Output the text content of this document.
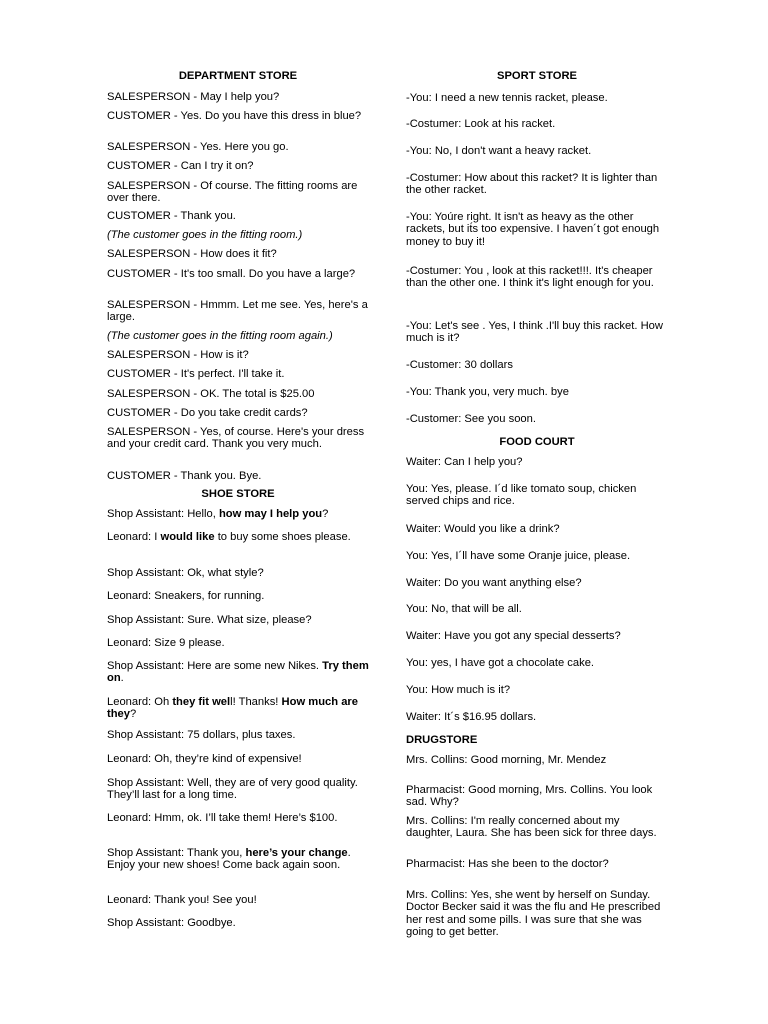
DEPARTMENT STORE

SALESPERSON - May I help you?

CUSTOMER - Yes. Do you have this dress in blue?

SALESPERSON - Yes. Here you go.

CUSTOMER - Can I try it on?

SALESPERSON - Of course. The fitting rooms are over there.

CUSTOMER - Thank you.

(The customer goes in the fitting room.)

SALESPERSON - How does it fit?

CUSTOMER - It's too small. Do you have a large?

SALESPERSON - Hmmm. Let me see. Yes, here's a large.

(The customer goes in the fitting room again.)

SALESPERSON - How is it?

CUSTOMER - It's perfect. I'll take it.

SALESPERSON - OK. The total is $25.00

CUSTOMER - Do you take credit cards?

SALESPERSON - Yes, of course. Here's your dress and your credit card. Thank you very much.

CUSTOMER - Thank you. Bye.

SHOE STORE

Shop Assistant: Hello, how may I help you?

Leonard: I would like to buy some shoes please.

Shop Assistant: Ok, what style?

Leonard: Sneakers, for running.

Shop Assistant: Sure. What size, please?

Leonard: Size 9 please.

Shop Assistant: Here are some new Nikes. Try them on.

Leonard: Oh they fit well! Thanks! How much are they?

Shop Assistant: 75 dollars, plus taxes.

Leonard: Oh, they’re kind of expensive!

Shop Assistant: Well, they are of very good quality. They’ll last for a long time.

Leonard: Hmm, ok. I’ll take them! Here’s $100.

Shop Assistant: Thank you, here’s your change. Enjoy your new shoes! Come back again soon.

Leonard: Thank you! See you!

Shop Assistant: Goodbye.

SPORT STORE

-You: I need a new tennis racket, please.

-Costumer: Look at his racket.

-You: No, I don't want a heavy racket.

-Costumer: How about this racket? It is lighter than the other racket.

-You: Yoúre right. It isn't as heavy as the other rackets, but it́s too expensive. I haven´t got enough money to buy it!

-Costumer: You , look at this racket!!!. It's cheaper than the other one. I think it's light enough for you.

-You: Let's see . Yes, I think .I'll buy this racket. How much is it?

-Customer: 30 dollars

-You: Thank you, very much. bye

-Customer: See you soon.

FOOD COURT

Waiter: Can I help you?

You: Yes, please. I´d like tomato soup, chicken served chips and rice.

Waiter: Would you like a drink?

You: Yes, I´ll have some Oranje juice, please.

Waiter: Do you want anything else?

You: No, that will be all.

Waiter: Have you got any special desserts?

You: yes, I have got a chocolate cake.

You: How much is it?

Waiter: It´s $16.95 dollars.

DRUGSTORE

Mrs. Collins: Good morning, Mr. Mendez

Pharmacist: Good morning, Mrs. Collins. You look sad. Why?

Mrs. Collins: I'm really concerned about my daughter, Laura. She has been sick for three days.

Pharmacist: Has she been to the doctor?

Mrs. Collins: Yes, she went by herself on Sunday. Doctor Becker said it was the flu and He prescribed her rest and some pills. I was sure that she was going to get better.
